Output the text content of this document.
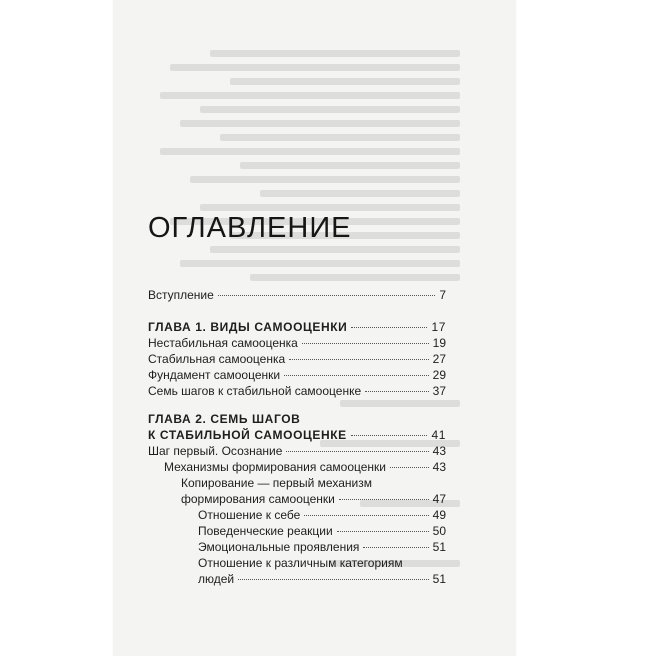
ОГЛАВЛЕНИЕ
Вступление	7
ГЛАВА 1. ВИДЫ САМООЦЕНКИ	17
Нестабильная самооценка	19
Стабильная самооценка	27
Фундамент самооценки	29
Семь шагов к стабильной самооценке	37
ГЛАВА 2. СЕМЬ ШАГОВ
К СТАБИЛЬНОЙ САМООЦЕНКЕ	41
Шаг первый. Осознание	43
Механизмы формирования самооценки	43
Копирование — первый механизм
формирования самооценки	47
Отношение к себе	49
Поведенческие реакции	50
Эмоциональные проявления	51
Отношение к различным категориям
людей	51
